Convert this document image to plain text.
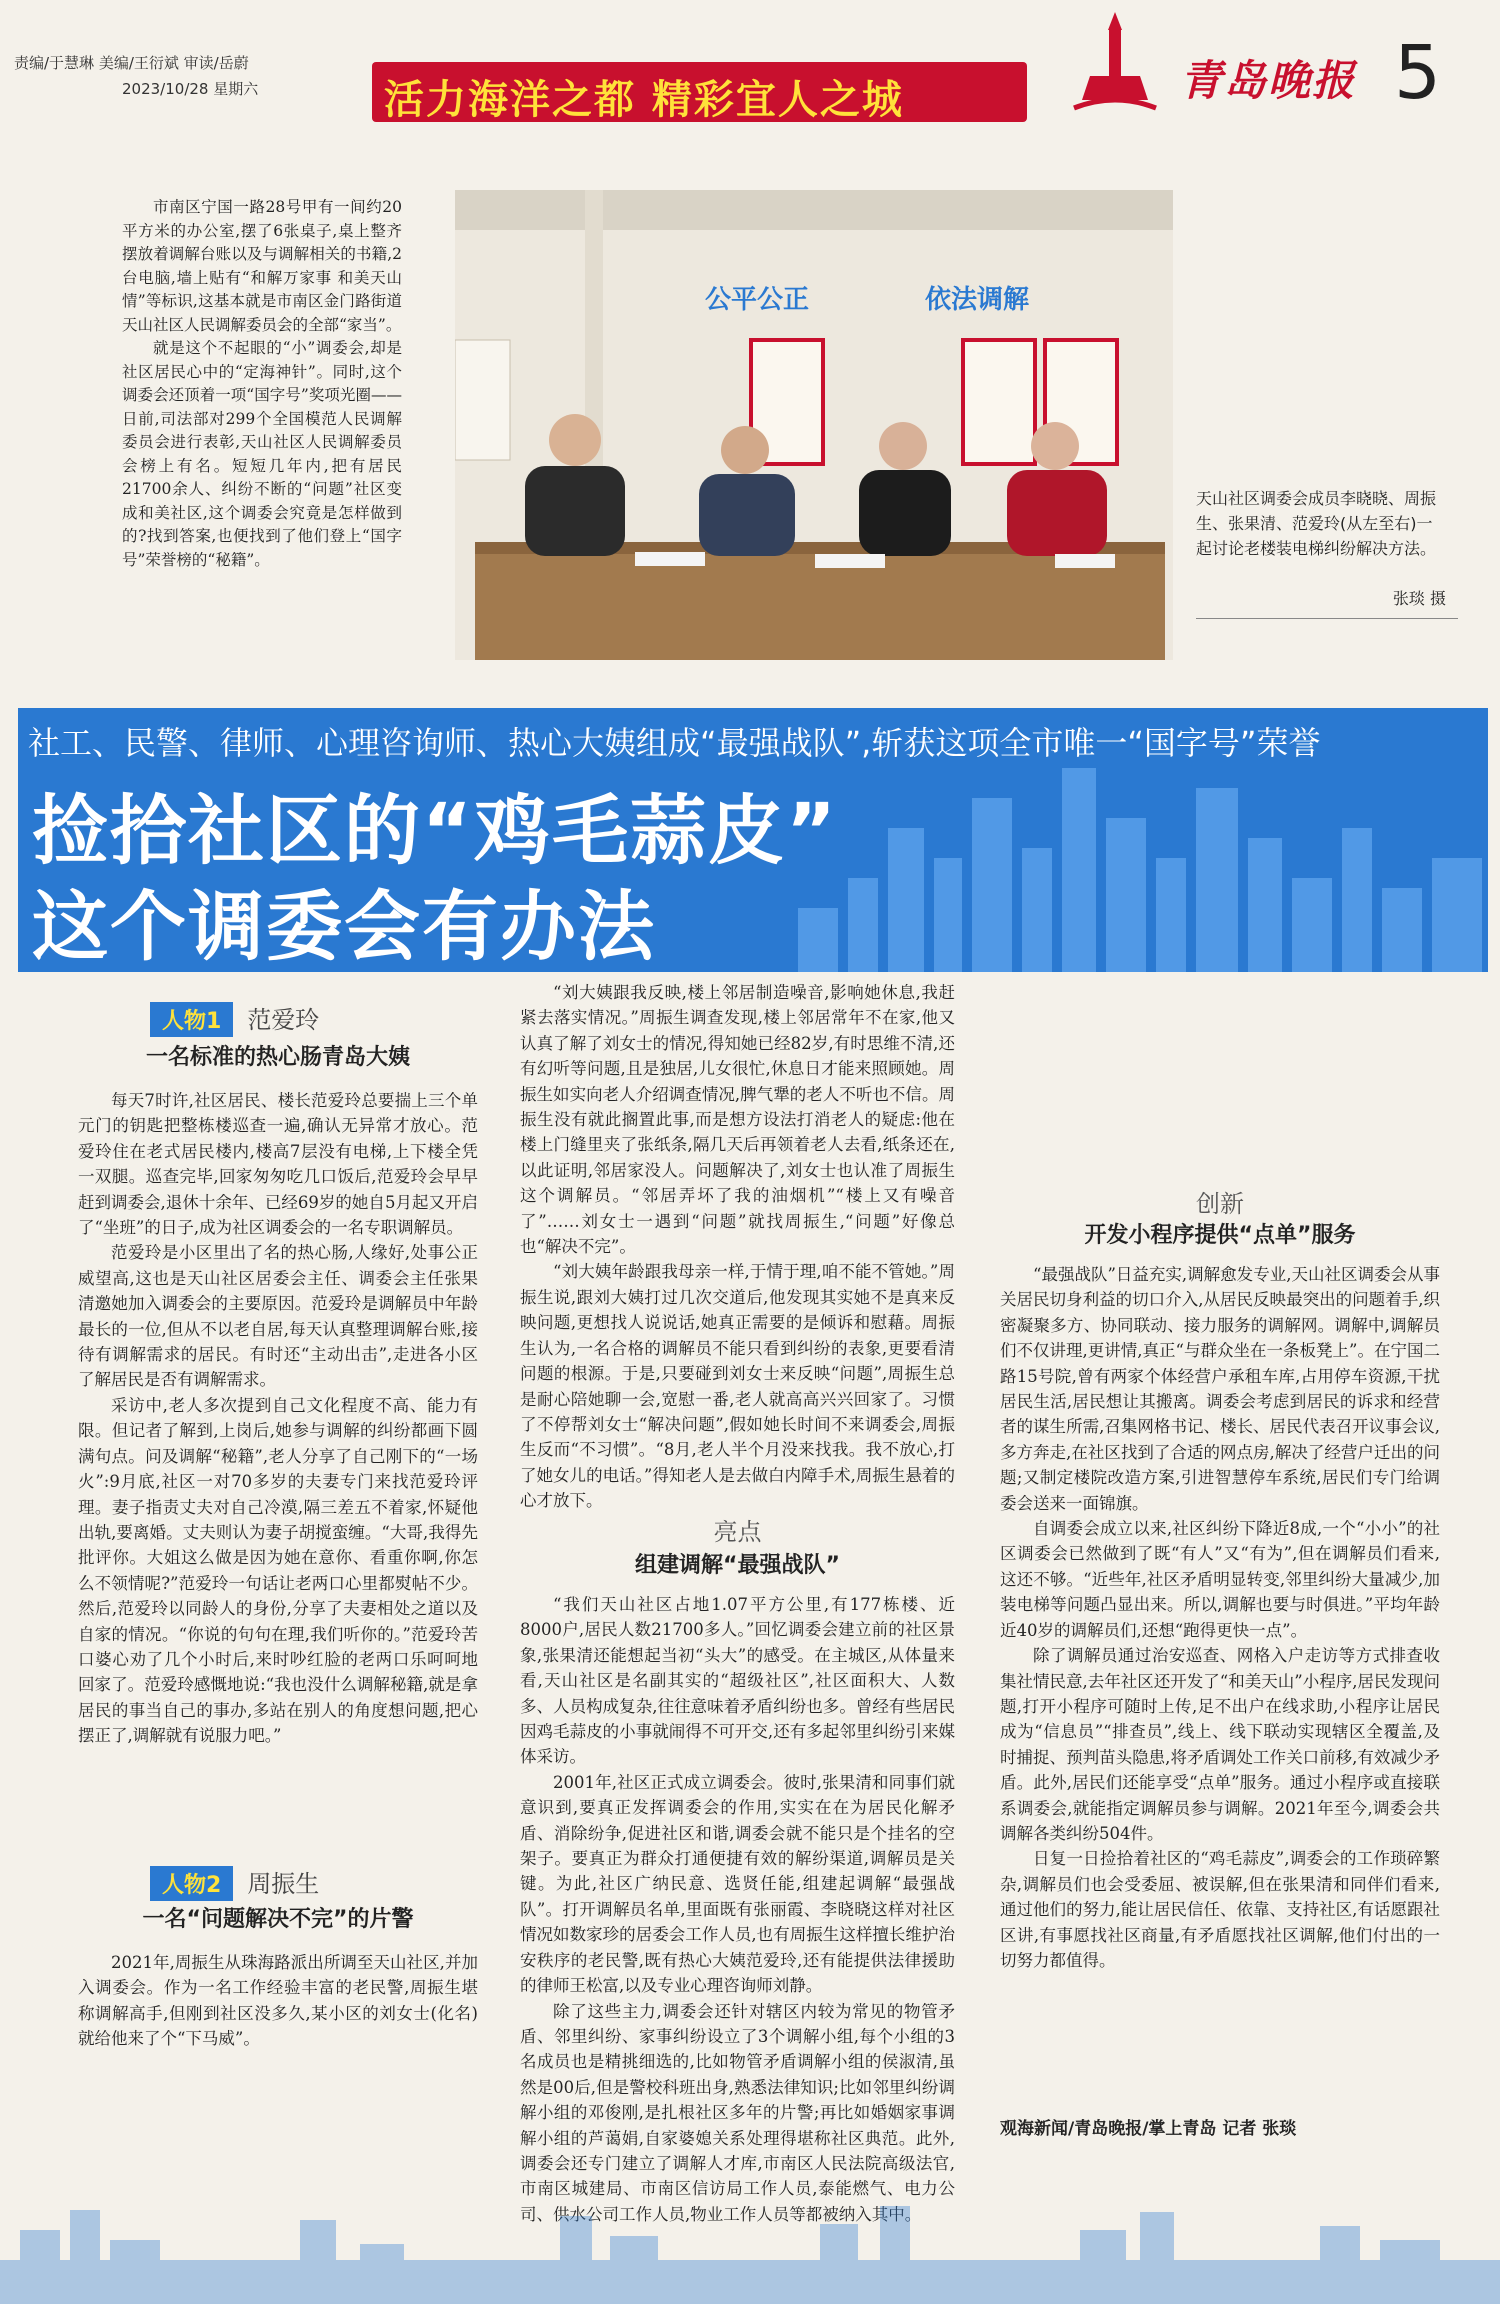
责编/于慧琳 美编/王衍斌 审读/岳蔚
2023/10/28 星期六	活力海洋之都 精彩宜人之城	青岛晚报 5

市南区宁国一路28号甲有一间约20平方米的办公室,摆了6张桌子,桌上整齐摆放着调解台账以及与调解相关的书籍,2台电脑,墙上贴有“和解万家事 和美天山情”等标识,这基本就是市南区金门路街道天山社区人民调解委员会的全部“家当”。

就是这个不起眼的“小”调委会,却是社区居民心中的“定海神针”。同时,这个调委会还顶着一项“国字号”奖项光圈——日前,司法部对299个全国模范人民调解委员会进行表彰,天山社区人民调解委员会榜上有名。短短几年内,把有居民21700余人、纠纷不断的“问题”社区变成和美社区,这个调委会究竟是怎样做到的?找到答案,也便找到了他们登上“国字号”荣誉榜的“秘籍”。

公平公正	依法调解
天山社区调委会成员李晓晓、周振生、张果清、范爱玲(从左至右)一起讨论老楼装电梯纠纷解决方法。
张琰 摄
社工、民警、律师、心理咨询师、热心大姨组成“最强战队”,斩获这项全市唯一“国字号”荣誉
捡拾社区的“鸡毛蒜皮”
这个调委会有办法
人物1 范爱玲
一名标准的热心肠青岛大姨

每天7时许,社区居民、楼长范爱玲总要揣上三个单元门的钥匙把整栋楼巡查一遍,确认无异常才放心。范爱玲住在老式居民楼内,楼高7层没有电梯,上下楼全凭一双腿。巡查完毕,回家匆匆吃几口饭后,范爱玲会早早赶到调委会,退休十余年、已经69岁的她自5月起又开启了“坐班”的日子,成为社区调委会的一名专职调解员。

范爱玲是小区里出了名的热心肠,人缘好,处事公正威望高,这也是天山社区居委会主任、调委会主任张果清邀她加入调委会的主要原因。范爱玲是调解员中年龄最长的一位,但从不以老自居,每天认真整理调解台账,接待有调解需求的居民。有时还“主动出击”,走进各小区了解居民是否有调解需求。

采访中,老人多次提到自己文化程度不高、能力有限。但记者了解到,上岗后,她参与调解的纠纷都画下圆满句点。问及调解“秘籍”,老人分享了自己刚下的“一场火”:9月底,社区一对70多岁的夫妻专门来找范爱玲评理。妻子指责丈夫对自己冷漠,隔三差五不着家,怀疑他出轨,要离婚。丈夫则认为妻子胡搅蛮缠。“大哥,我得先批评你。大姐这么做是因为她在意你、看重你啊,你怎么不领情呢?”范爱玲一句话让老两口心里都熨帖不少。然后,范爱玲以同龄人的身份,分享了夫妻相处之道以及自家的情况。“你说的句句在理,我们听你的。”范爱玲苦口婆心劝了几个小时后,来时吵红脸的老两口乐呵呵地回家了。范爱玲感慨地说:“我也没什么调解秘籍,就是拿居民的事当自己的事办,多站在别人的角度想问题,把心摆正了,调解就有说服力吧。”

人物2 周振生
一名“问题解决不完”的片警

2021年,周振生从珠海路派出所调至天山社区,并加入调委会。作为一名工作经验丰富的老民警,周振生堪称调解高手,但刚到社区没多久,某小区的刘女士(化名)就给他来了个“下马威”。

“刘大姨跟我反映,楼上邻居制造噪音,影响她休息,我赶紧去落实情况。”周振生调查发现,楼上邻居常年不在家,他又认真了解了刘女士的情况,得知她已经82岁,有时思维不清,还有幻听等问题,且是独居,儿女很忙,休息日才能来照顾她。周振生如实向老人介绍调查情况,脾气犟的老人不听也不信。周振生没有就此搁置此事,而是想方设法打消老人的疑虑:他在楼上门缝里夹了张纸条,隔几天后再领着老人去看,纸条还在,以此证明,邻居家没人。问题解决了,刘女士也认准了周振生这个调解员。“邻居弄坏了我的油烟机”“楼上又有噪音了”……刘女士一遇到“问题”就找周振生,“问题”好像总也“解决不完”。

“刘大姨年龄跟我母亲一样,于情于理,咱不能不管她。”周振生说,跟刘大姨打过几次交道后,他发现其实她不是真来反映问题,更想找人说说话,她真正需要的是倾诉和慰藉。周振生认为,一名合格的调解员不能只看到纠纷的表象,更要看清问题的根源。于是,只要碰到刘女士来反映“问题”,周振生总是耐心陪她聊一会,宽慰一番,老人就高高兴兴回家了。习惯了不停帮刘女士“解决问题”,假如她长时间不来调委会,周振生反而“不习惯”。“8月,老人半个月没来找我。我不放心,打了她女儿的电话。”得知老人是去做白内障手术,周振生悬着的心才放下。

亮点
组建调解“最强战队”

“我们天山社区占地1.07平方公里,有177栋楼、近8000户,居民人数21700多人。”回忆调委会建立前的社区景象,张果清还能想起当初“头大”的感受。在主城区,从体量来看,天山社区是名副其实的“超级社区”,社区面积大、人数多、人员构成复杂,往往意味着矛盾纠纷也多。曾经有些居民因鸡毛蒜皮的小事就闹得不可开交,还有多起邻里纠纷引来媒体采访。

2001年,社区正式成立调委会。彼时,张果清和同事们就意识到,要真正发挥调委会的作用,实实在在为居民化解矛盾、消除纷争,促进社区和谐,调委会就不能只是个挂名的空架子。要真正为群众打通便捷有效的解纷渠道,调解员是关键。为此,社区广纳民意、选贤任能,组建起调解“最强战队”。打开调解员名单,里面既有张丽霞、李晓晓这样对社区情况如数家珍的居委会工作人员,也有周振生这样擅长维护治安秩序的老民警,既有热心大姨范爱玲,还有能提供法律援助的律师王松富,以及专业心理咨询师刘静。

除了这些主力,调委会还针对辖区内较为常见的物管矛盾、邻里纠纷、家事纠纷设立了3个调解小组,每个小组的3名成员也是精挑细选的,比如物管矛盾调解小组的侯淑清,虽然是00后,但是警校科班出身,熟悉法律知识;比如邻里纠纷调解小组的邓俊刚,是扎根社区多年的片警;再比如婚姻家事调解小组的芦蔼娟,自家婆媳关系处理得堪称社区典范。此外,调委会还专门建立了调解人才库,市南区人民法院高级法官,市南区城建局、市南区信访局工作人员,泰能燃气、电力公司、供水公司工作人员,物业工作人员等都被纳入其中。

创新
开发小程序提供“点单”服务

“最强战队”日益充实,调解愈发专业,天山社区调委会从事关居民切身利益的切口介入,从居民反映最突出的问题着手,织密凝聚多方、协同联动、接力服务的调解网。调解中,调解员们不仅讲理,更讲情,真正“与群众坐在一条板凳上”。在宁国二路15号院,曾有两家个体经营户承租车库,占用停车资源,干扰居民生活,居民想让其搬离。调委会考虑到居民的诉求和经营者的谋生所需,召集网格书记、楼长、居民代表召开议事会议,多方奔走,在社区找到了合适的网点房,解决了经营户迁出的问题;又制定楼院改造方案,引进智慧停车系统,居民们专门给调委会送来一面锦旗。

自调委会成立以来,社区纠纷下降近8成,一个“小小”的社区调委会已然做到了既“有人”又“有为”,但在调解员们看来,这还不够。“近些年,社区矛盾明显转变,邻里纠纷大量减少,加装电梯等问题凸显出来。所以,调解也要与时俱进。”平均年龄近40岁的调解员们,还想“跑得更快一点”。

除了调解员通过治安巡查、网格入户走访等方式排查收集社情民意,去年社区还开发了“和美天山”小程序,居民发现问题,打开小程序可随时上传,足不出户在线求助,小程序让居民成为“信息员”“排查员”,线上、线下联动实现辖区全覆盖,及时捕捉、预判苗头隐患,将矛盾调处工作关口前移,有效减少矛盾。此外,居民们还能享受“点单”服务。通过小程序或直接联系调委会,就能指定调解员参与调解。2021年至今,调委会共调解各类纠纷504件。

日复一日捡拾着社区的“鸡毛蒜皮”,调委会的工作琐碎繁杂,调解员们也会受委屈、被误解,但在张果清和同伴们看来,通过他们的努力,能让居民信任、依靠、支持社区,有话愿跟社区讲,有事愿找社区商量,有矛盾愿找社区调解,他们付出的一切努力都值得。

观海新闻/青岛晚报/掌上青岛 记者 张琰
